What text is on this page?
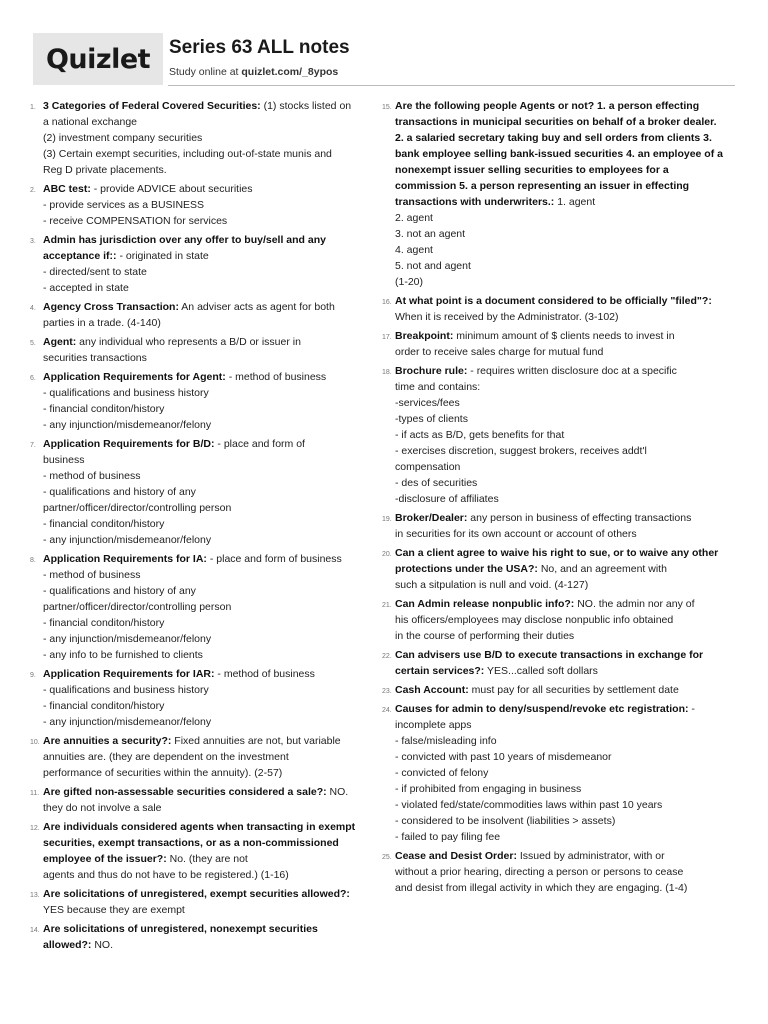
Quizlet Series 63 ALL notes
Study online at quizlet.com/_8ypos
1. 3 Categories of Federal Covered Securities: (1) stocks listed on
a national exchange
(2) investment company securities
(3) Certain exempt securities, including out-of-state munis and
Reg D private placements.
2. ABC test: - provide ADVICE about securities
- provide services as a BUSINESS
- receive COMPENSATION for services
3. Admin has jurisdiction over any offer to buy/sell and any acceptance if:: - originated in state
- directed/sent to state
- accepted in state
4. Agency Cross Transaction: An adviser acts as agent for both
parties in a trade. (4-140)
5. Agent: any individual who represents a B/D or issuer in
securities transactions
6. Application Requirements for Agent: - method of business
- qualifications and business history
- financial conditon/history
- any injunction/misdemeanor/felony
7. Application Requirements for B/D: - place and form of
business
- method of business
- qualifications and history of any
partner/officer/director/controlling person
- financial conditon/history
- any injunction/misdemeanor/felony
8. Application Requirements for IA: - place and form of business
- method of business
- qualifications and history of any
partner/officer/director/controlling person
- financial conditon/history
- any injunction/misdemeanor/felony
- any info to be furnished to clients
9. Application Requirements for IAR: - method of business
- qualifications and business history
- financial conditon/history
- any injunction/misdemeanor/felony
10. Are annuities a security?: Fixed annuities are not, but variable
annuities are. (they are dependent on the investment
performance of securities within the annuity). (2-57)
11. Are gifted non-assessable securities considered a sale?: NO.
they do not involve a sale
12. Are individuals considered agents when transacting in exempt securities, exempt transactions, or as a non-commissioned employee of the issuer?: No. (they are not
agents and thus do not have to be registered.) (1-16)
13. Are solicitations of unregistered, exempt securities allowed?:
YES because they are exempt
14. Are solicitations of unregistered, nonexempt securities allowed?: NO.
15. Are the following people Agents or not? 1. a person effecting transactions in municipal securities on behalf of a broker dealer. 2. a salaried secretary taking buy and sell orders from clients 3. bank employee selling bank-issued securities 4. an employee of a nonexempt issuer selling securities to employees for a commission 5. a person representing an issuer in effecting transactions with underwriters.: 1. agent
2. agent
3. not an agent
4. agent
5. not and agent
(1-20)
16. At what point is a document considered to be officially "filed"?: When it is received by the Administrator. (3-102)
17. Breakpoint: minimum amount of $ clients needs to invest in
order to receive sales charge for mutual fund
18. Brochure rule: - requires written disclosure doc at a specific
time and contains:
-services/fees
-types of clients
- if acts as B/D, gets benefits for that
- exercises discretion, suggest brokers, receives addt'l
compensation
- des of securities
-disclosure of affiliates
19. Broker/Dealer: any person in business of effecting transactions
in securities for its own account or account of others
20. Can a client agree to waive his right to sue, or to waive any other protections under the USA?: No, and an agreement with
such a sitpulation is null and void. (4-127)
21. Can Admin release nonpublic info?: NO. the admin nor any of
his officers/employees may disclose nonpublic info obtained
in the course of performing their duties
22. Can advisers use B/D to execute transactions in exchange for certain services?: YES...called soft dollars
23. Cash Account: must pay for all securities by settlement date
24. Causes for admin to deny/suspend/revoke etc registration: -
incomplete apps
- false/misleading info
- convicted with past 10 years of misdemeanor
- convicted of felony
- if prohibited from engaging in business
- violated fed/state/commodities laws within past 10 years
- considered to be insolvent (liabilities > assets)
- failed to pay filing fee
25. Cease and Desist Order: Issued by administrator, with or
without a prior hearing, directing a person or persons to cease
and desist from illegal activity in which they are engaging. (1-4)
